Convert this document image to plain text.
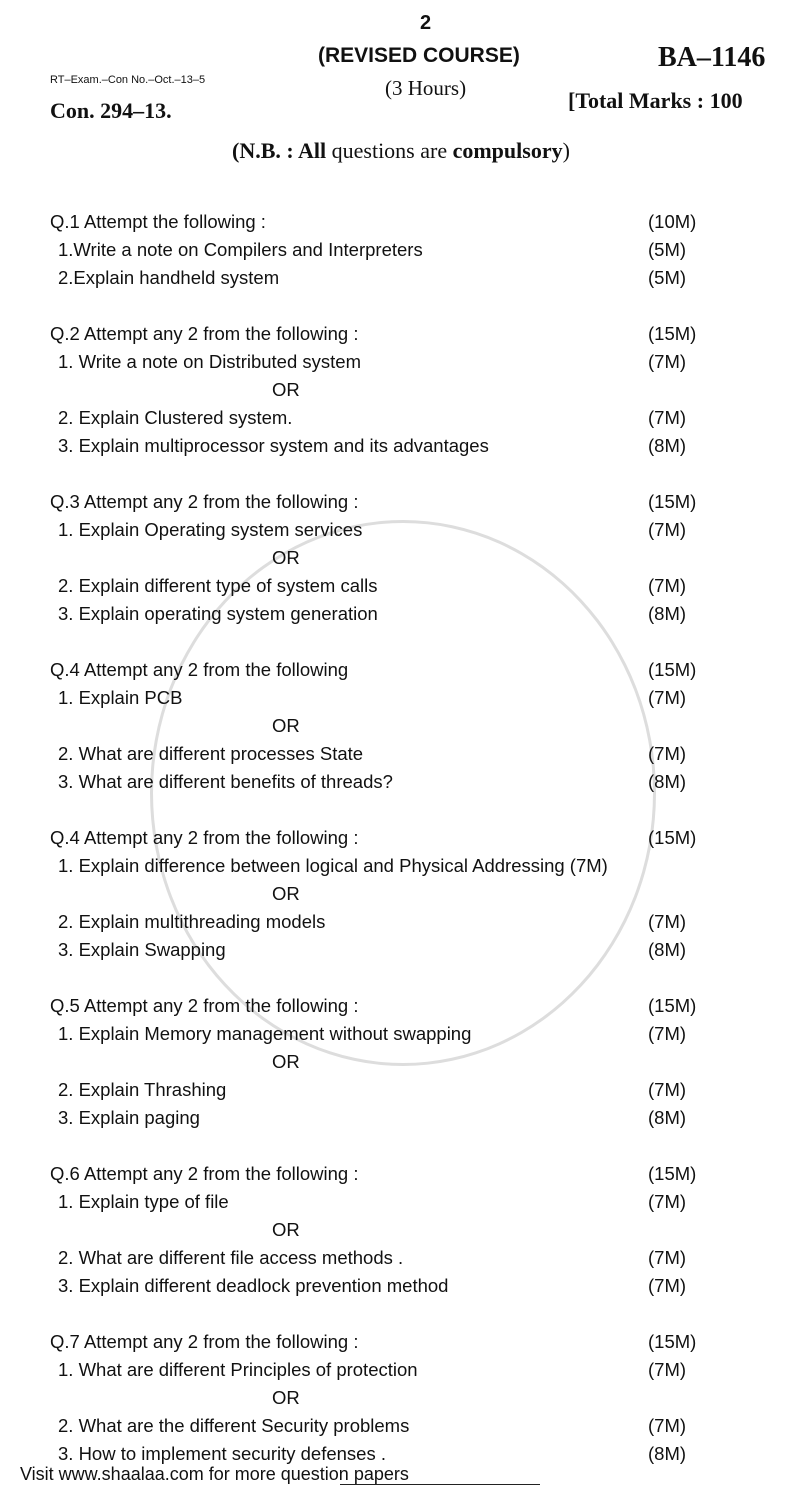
2
(REVISED COURSE)	BA–1146
RT–Exam.–Con No.–Oct.–13–5	(3 Hours)
Con. 294–13.	[Total Marks : 100
(N.B. : All questions are compulsory)
Q.1 Attempt the following :	(10M)
1.Write a note on Compilers and Interpreters	(5M)
2.Explain handheld system	(5M)
Q.2 Attempt any 2 from the following :	(15M)
1. Write a note on Distributed system	(7M)
OR
2. Explain Clustered system.	(7M)
3. Explain multiprocessor system and its advantages	(8M)
Q.3 Attempt any 2 from the following :	(15M)
1. Explain Operating system services	(7M)
OR
2. Explain different type of system calls	(7M)
3. Explain operating system generation	(8M)
Q.4 Attempt any 2 from the following	(15M)
1. Explain PCB	(7M)
OR
2. What are different processes State	(7M)
3. What are different benefits of threads?	(8M)
Q.4 Attempt any 2 from the following :	(15M)
1. Explain difference between logical and Physical Addressing (7M)
OR
2. Explain multithreading models	(7M)
3. Explain Swapping	(8M)
Q.5 Attempt any 2 from the following :	(15M)
1. Explain Memory management without swapping	(7M)
OR
2. Explain Thrashing	(7M)
3. Explain paging	(8M)
Q.6 Attempt any 2 from the following :	(15M)
1. Explain type of file	(7M)
OR
2. What are different file access methods .	(7M)
3. Explain different deadlock prevention method	(7M)
Q.7 Attempt any 2 from the following :	(15M)
1. What are different Principles of protection	(7M)
OR
2. What are the different Security problems	(7M)
3. How to implement security defenses .	(8M)
Visit www.shaalaa.com for more question papers
